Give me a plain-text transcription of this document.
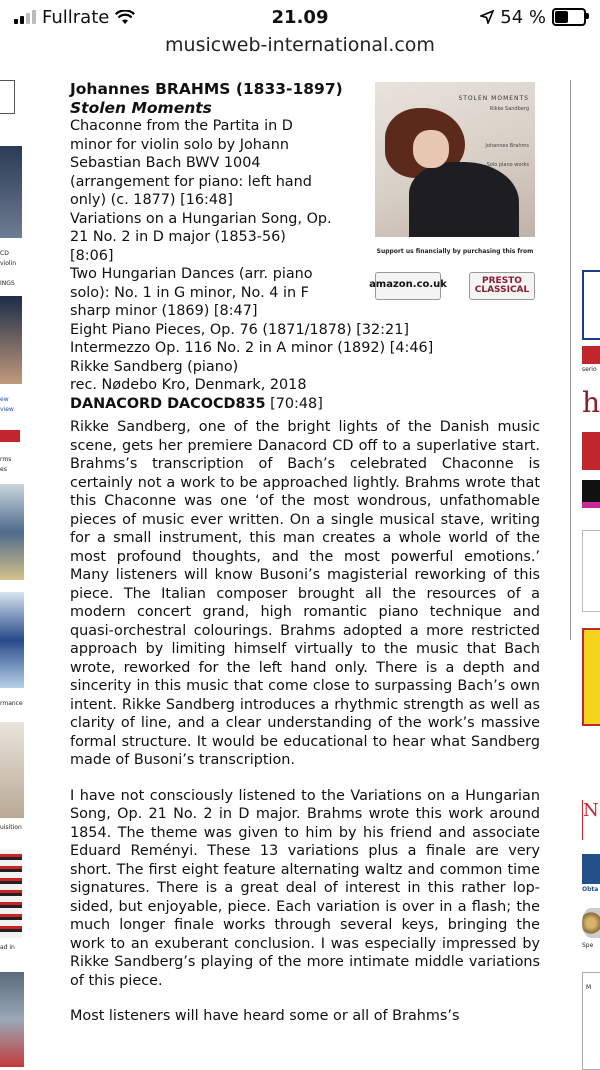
Fullrate	21.09	54 %
musicweb-international.com
CD
violin
INGS
ew
view
rms
es
rmance
uisition
ad in
serio
h
N
Obta
Spe
M
Johannes BRAHMS (1833-1897)
Stolen Moments
Chaconne from the Partita in D
minor for violin solo by Johann
Sebastian Bach BWV 1004
(arrangement for piano: left hand
only) (c. 1877) [16:48]
Variations on a Hungarian Song, Op.
21 No. 2 in D major (1853-56)
[8:06]
Two Hungarian Dances (arr. piano
solo): No. 1 in G minor, No. 4 in F
sharp minor (1869) [8:47]
Eight Piano Pieces, Op. 76 (1871/1878) [32:21]
Intermezzo Op. 116 No. 2 in A minor (1892) [4:46]
Rikke Sandberg (piano)
rec. Nødebo Kro, Denmark, 2018
DANACORD DACOCD835 [70:48]
STOLEN MOMENTS
Rikke Sandberg

Johannes Brahms
Solo piano works
Support us financially by purchasing this from
amazon.co.uk	PRESTO CLASSICAL

Rikke Sandberg, one of the bright lights of the Danish music scene, gets her premiere Danacord CD off to a superlative start. Brahms’s transcription of Bach’s celebrated Chaconne is certainly not a work to be approached lightly. Brahms wrote that this Chaconne was one ‘of the most wondrous, unfathomable pieces of music ever written. On a single musical stave, writing for a small instrument, this man creates a whole world of the most profound thoughts, and the most powerful emotions.’ Many listeners will know Busoni’s magisterial reworking of this piece. The Italian composer brought all the resources of a modern concert grand, high romantic piano technique and quasi-orchestral colourings. Brahms adopted a more restricted approach by limiting himself virtually to the music that Bach wrote, reworked for the left hand only. There is a depth and sincerity in this music that come close to surpassing Bach’s own intent. Rikke Sandberg introduces a rhythmic strength as well as clarity of line, and a clear understanding of the work’s massive formal structure. It would be educational to hear what Sandberg made of Busoni’s transcription.

I have not consciously listened to the Variations on a Hungarian Song, Op. 21 No. 2 in D major. Brahms wrote this work around 1854. The theme was given to him by his friend and associate Eduard Reményi. These 13 variations plus a finale are very short. The first eight feature alternating waltz and common time signatures. There is a great deal of interest in this rather lop-sided, but enjoyable, piece. Each variation is over in a flash; the much longer finale works through several keys, bringing the work to an exuberant conclusion. I was especially impressed by Rikke Sandberg’s playing of the more intimate middle variations of this piece.

Most listeners will have heard some or all of Brahms’s
